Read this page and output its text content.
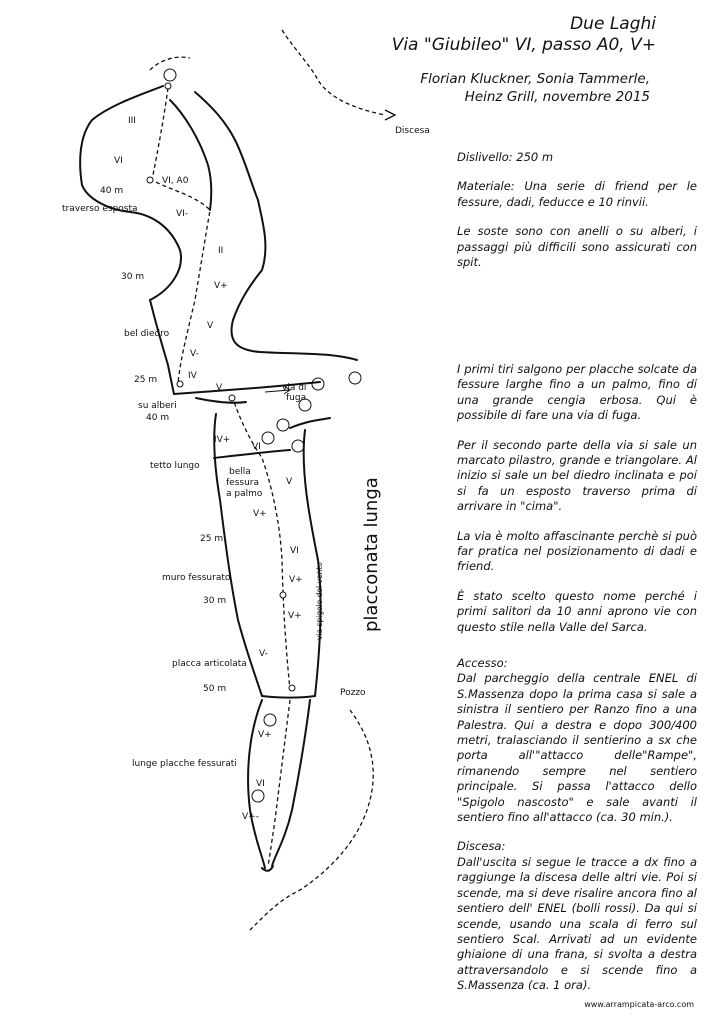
III
VI
40 m
VI, A0
traverso esposta	VI-
II
30 m
V+
bel diedro
V
V-
25 m	IV
V
su alberi
40 m
IV+
VI
tetto lungo
bella
fessura
a palmo
V
V+
25 m
VI
muro fessurato	V+
30 m
V+
V-
placca articolata
50 m
V+
lunge placche fessurati
VI
V+-
Discesa
Pozzo
via di
fuga
placconata lunga
via spigolo del vento
Due Laghi
Via "Giubileo" VI, passo A0, V+
Florian Kluckner, Sonia Tammerle,
Heinz Grill, novembre 2015

Dislivello: 250 m

Materiale: Una serie di friend per le fessure, dadi, feducce e 10 rinvii.

Le soste sono con anelli o su alberi, i passaggi più difficili sono assicurati con spit.

I primi tiri salgono per placche solcate da fessure larghe fino a un palmo, fino di una grande cengia erbosa. Qui è possibile di fare una via di fuga.

Per il secondo parte della via si sale un marcato pilastro, grande e triangolare. Al inizio si sale un bel diedro inclinata e poi si fa un esposto traverso prima di arrivare in "cima".

La via è molto affascinante perchè si può far pratica nel posizionamento di dadi e friend.

È stato scelto questo nome perché i primi salitori da 10 anni aprono vie con questo stile nella Valle del Sarca.

Accesso:

Dal parcheggio della centrale ENEL di S.Massenza dopo la prima casa si sale a sinistra il sentiero per Ranzo fino a una Palestra. Qui a destra e dopo 300/400 metri, tralasciando il sentierino a sx che porta all'"attacco delle"Rampe", rimanendo sempre nel sentiero principale. Si passa l'attacco dello "Spigolo nascosto" e sale avanti il sentiero fino all'attacco (ca. 30 min.).

Discesa:

Dall'uscita si segue le tracce a dx fino a raggiunge la discesa delle altri vie. Poi si scende, ma si deve risalire ancora fino al sentiero dell' ENEL (bolli rossi). Da qui si scende, usando una scala di ferro sul sentiero Scal. Arrivati ad un evidente ghiaione di una frana, si svolta a destra attraversandolo e si scende fino a S.Massenza (ca. 1 ora).

www.arrampicata-arco.com
